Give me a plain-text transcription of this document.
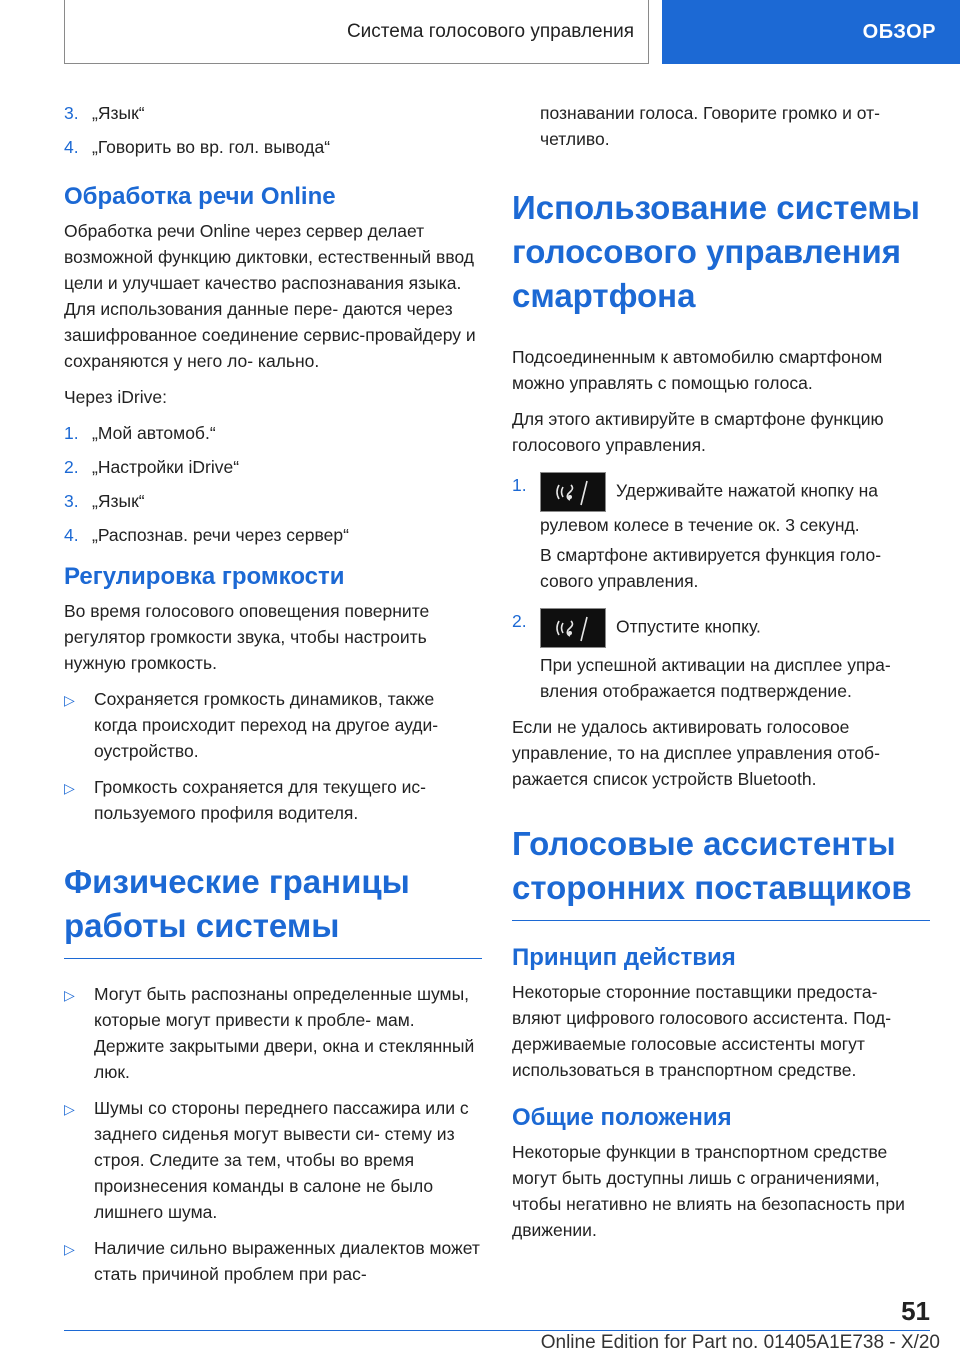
Система голосового управления	ОБЗОР
3. „Язык“
4. „Говорить во вр. гол. вывода“
Обработка речи Online
Обработка речи Online через сервер делает возможной функцию диктовки, естественный ввод цели и улучшает качество распознавания языка. Для использования данные пере- даются через зашифрованное соединение сервис-провайдеру и сохраняются у него ло- кально.
Через iDrive:
1. „Мой автомоб.“
2. „Настройки iDrive“
3. „Язык“
4. „Распознав. речи через сервер“
Регулировка громкости
Во время голосового оповещения поверните регулятор громкости звука, чтобы настроить нужную громкость.
▷	Сохраняется громкость динамиков, также когда происходит переход на другое ауди- оустройство.
▷	Громкость сохраняется для текущего ис- пользуемого профиля водителя.
Физические границы
работы системы
▷	Могут быть распознаны определенные шумы, которые могут привести к пробле- мам. Держите закрытыми двери, окна и стеклянный люк.
▷	Шумы со стороны переднего пассажира или с заднего сиденья могут вывести си- стему из строя. Следите за тем, чтобы во время произнесения команды в салоне не было лишнего шума.
▷	Наличие сильно выраженных диалектов может стать причиной проблем при рас-
познавании голоса. Говорите громко и от- четливо.
Использование системы
голосового управления
смартфона
Подсоединенным к автомобилю смартфоном можно управлять с помощью голоса.
Для этого активируйте в смартфоне функцию голосового управления.
1.	Удерживайте нажатой кнопку на рулевом колесе в течение ок. 3 секунд.
В смартфоне активируется функция голо- сового управления.
2.	Отпустите кнопку.
При успешной активации на дисплее упра- вления отображается подтверждение.
Если не удалось активировать голосовое управление, то на дисплее управления отоб- ражается список устройств Bluetooth.
Голосовые ассистенты
сторонних поставщиков
Принцип действия
Некоторые сторонние поставщики предоста- вляют цифрового голосового ассистента. Под- держиваемые голосовые ассистенты могут использоваться в транспортном средстве.
Общие положения
Некоторые функции в транспортном средстве могут быть доступны лишь с ограничениями, чтобы негативно не влиять на безопасность при движении.
51
Online Edition for Part no. 01405A1E738 - X/20
